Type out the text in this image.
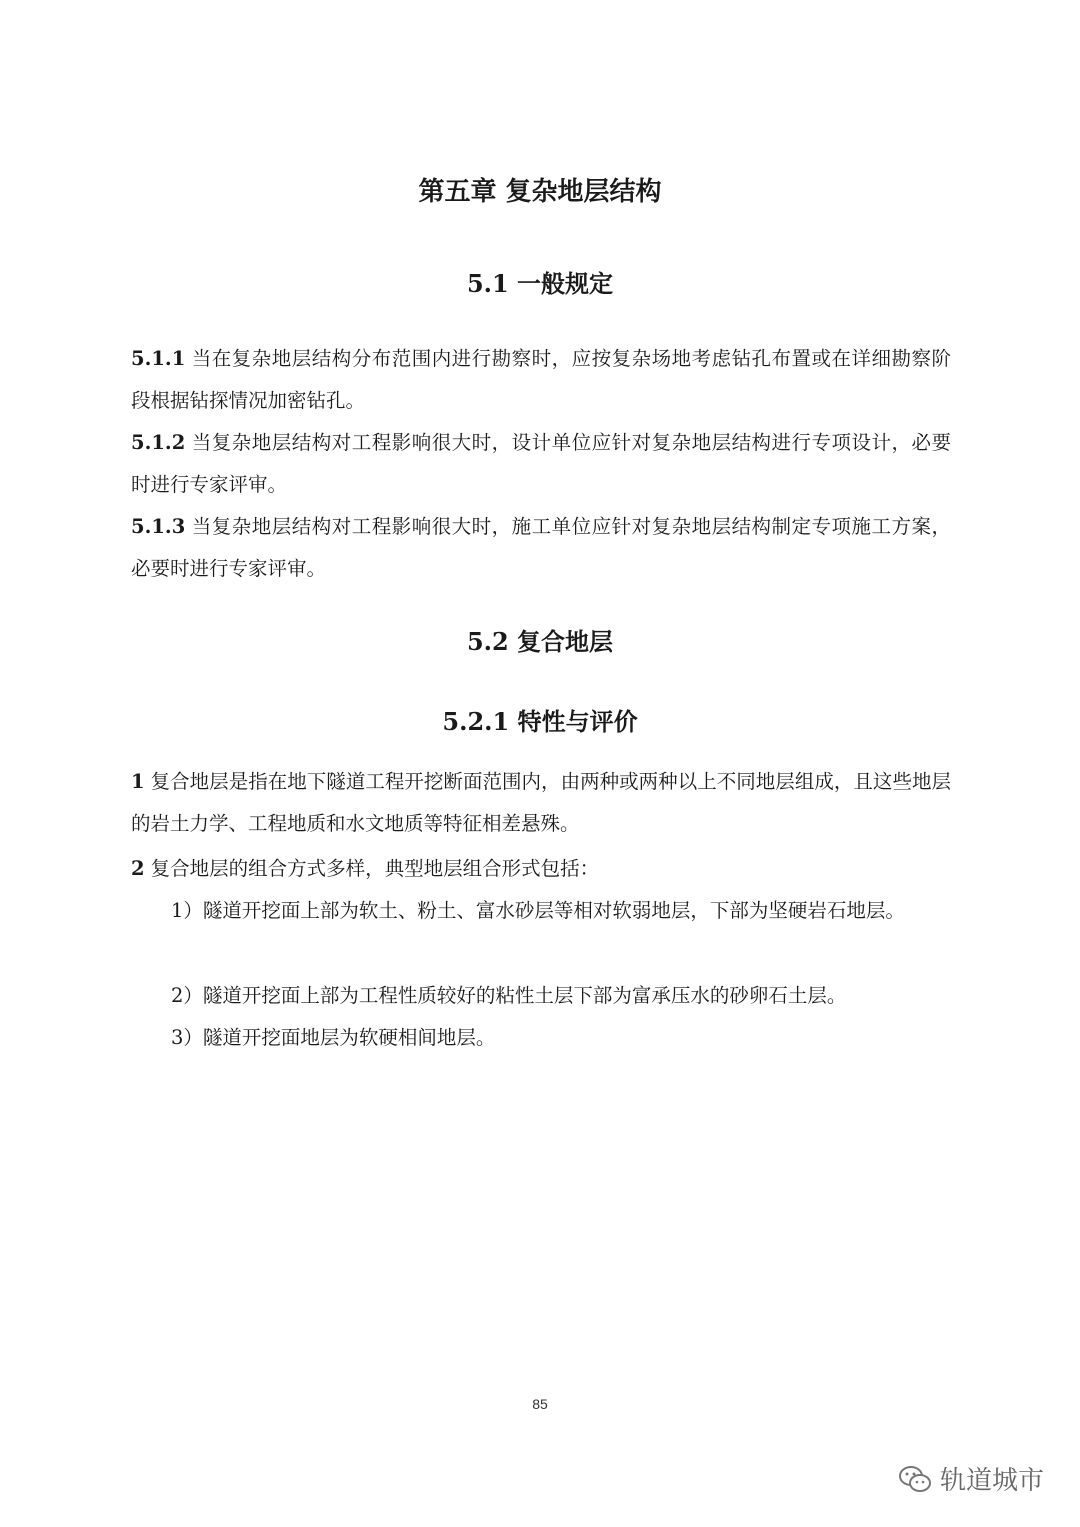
第五章 复杂地层结构
5.1 一般规定
5.1.1 当在复杂地层结构分布范围内进行勘察时，应按复杂场地考虑钻孔布置或在详细勘察阶段根据钻探情况加密钻孔。
5.1.2 当复杂地层结构对工程影响很大时，设计单位应针对复杂地层结构进行专项设计，必要时进行专家评审。
5.1.3 当复杂地层结构对工程影响很大时，施工单位应针对复杂地层结构制定专项施工方案，必要时进行专家评审。
5.2 复合地层
5.2.1 特性与评价
1 复合地层是指在地下隧道工程开挖断面范围内，由两种或两种以上不同地层组成，且这些地层的岩土力学、工程地质和水文地质等特征相差悬殊。
2 复合地层的组合方式多样，典型地层组合形式包括：
1）隧道开挖面上部为软土、粉土、富水砂层等相对软弱地层，下部为坚硬岩石地层。
2）隧道开挖面上部为工程性质较好的粘性土层下部为富承压水的砂卵石土层。
3）隧道开挖面地层为软硬相间地层。
85
轨道城市
